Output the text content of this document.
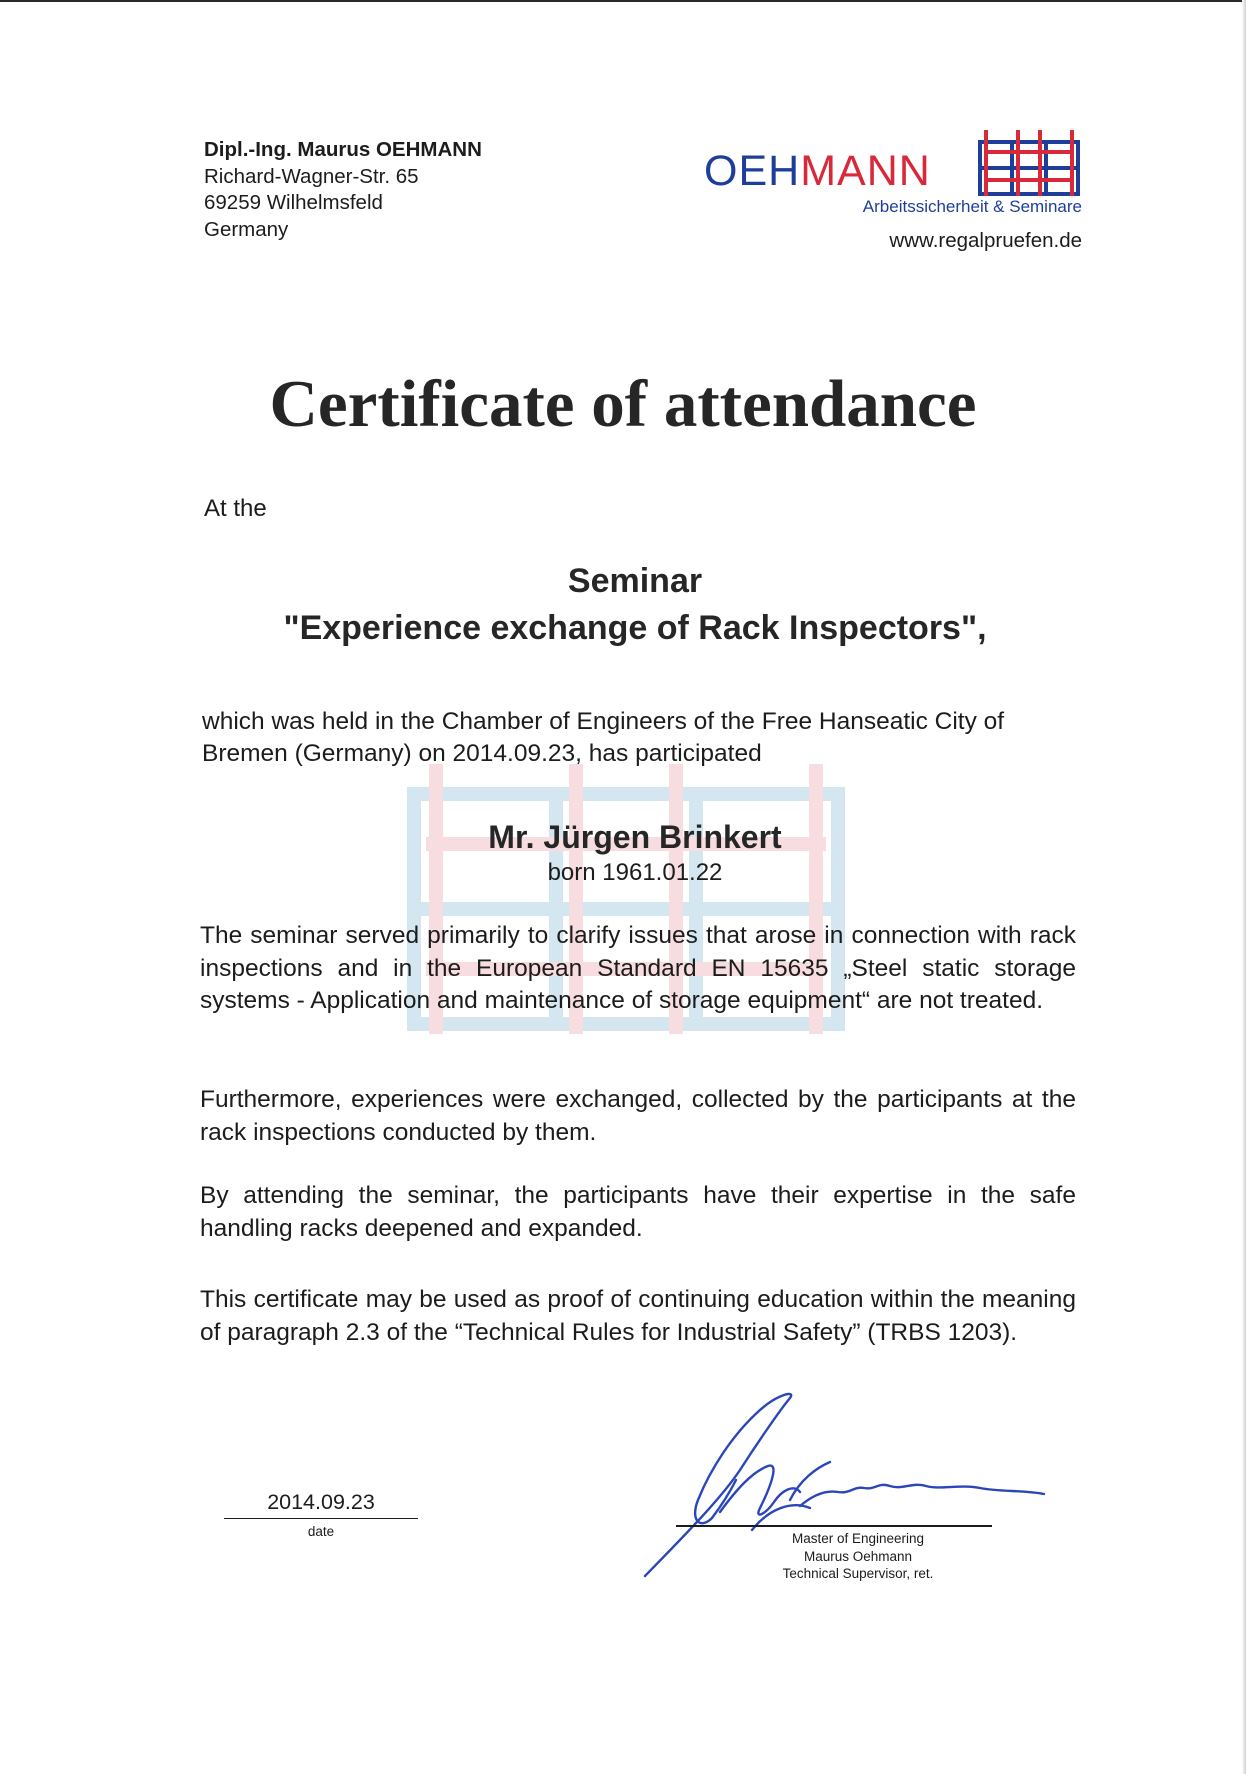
Dipl.-Ing. Maurus OEHMANN
Richard-Wagner-Str. 65
69259 Wilhelmsfeld
Germany
OEHMANN
Arbeitssicherheit & Seminare
www.regalpruefen.de
Certificate of attendance
At the
Seminar
"Experience exchange of Rack Inspectors",
which was held in the Chamber of Engineers of the Free Hanseatic City of Bremen (Germany) on 2014.09.23, has participated
Mr. Jürgen Brinkert
born 1961.01.22
The seminar served primarily to clarify issues that arose in connection with rack inspections and in the European Standard EN 15635 „Steel static storage systems - Application and maintenance of storage equipment“ are not treated.
Furthermore, experiences were exchanged, collected by the participants at the rack inspections conducted by them.
By attending the seminar, the participants have their expertise in the safe handling racks deepened and expanded.
This certificate may be used as proof of continuing education within the meaning of paragraph 2.3 of the “Technical Rules for Industrial Safety” (TRBS 1203).
2014.09.23
date	Master of Engineering
Maurus Oehmann
Technical Supervisor, ret.
